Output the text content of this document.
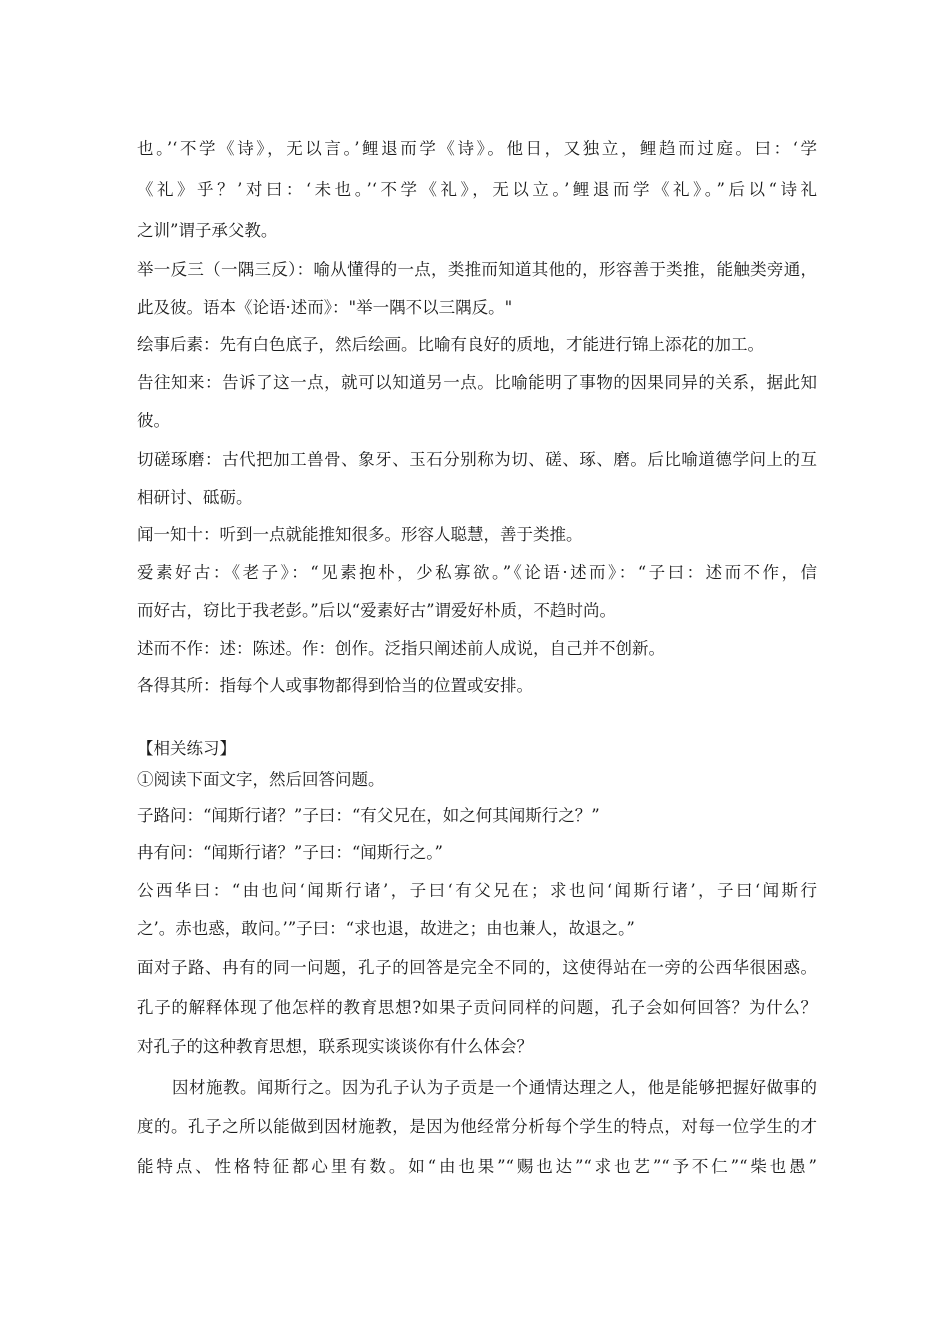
也。’‘不学《诗》，无以言。’鲤退而学《诗》。他日，又独立，鲤趋而过庭。曰：‘学
《礼》乎？’对曰：‘未也。’‘不学《礼》，无以立。’鲤退而学《礼》。”后以“诗礼
之训”谓子承父教。
举一反三（一隅三反）：喻从懂得的一点，类推而知道其他的，形容善于类推，能触类旁通，
此及彼。语本《论语·述而》："举一隅不以三隅反。"
绘事后素：先有白色底子，然后绘画。比喻有良好的质地，才能进行锦上添花的加工。
告往知来：告诉了这一点，就可以知道另一点。比喻能明了事物的因果同异的关系，据此知
彼。
切磋琢磨：古代把加工兽骨、象牙、玉石分别称为切、磋、琢、磨。后比喻道德学问上的互
相研讨、砥砺。
闻一知十：听到一点就能推知很多。形容人聪慧，善于类推。
爱素好古：《老子》：“见素抱朴，少私寡欲。”《论语·述而》：“子曰：述而不作，信
而好古，窃比于我老彭。”后以“爱素好古”谓爱好朴质，不趋时尚。
述而不作：述：陈述。作：创作。泛指只阐述前人成说，自己并不创新。
各得其所：指每个人或事物都得到恰当的位置或安排。
【相关练习】
①阅读下面文字，然后回答问题。
子路问：“闻斯行诸？”子曰：“有父兄在，如之何其闻斯行之？”
冉有问：“闻斯行诸？”子曰：“闻斯行之。”
公西华曰：“由也问‘闻斯行诸’，子曰‘有父兄在；求也问‘闻斯行诸’，子曰‘闻斯行
之’。赤也惑，敢问。’”子曰：“求也退，故进之；由也兼人，故退之。”
面对子路、冉有的同一问题，孔子的回答是完全不同的，这使得站在一旁的公西华很困惑。
孔子的解释体现了他怎样的教育思想?如果子贡问同样的问题，孔子会如何回答？为什么？
对孔子的这种教育思想，联系现实谈谈你有什么体会？
因材施教。闻斯行之。因为孔子认为子贡是一个通情达理之人，他是能够把握好做事的
度的。孔子之所以能做到因材施教，是因为他经常分析每个学生的特点，对每一位学生的才
能特点、性格特征都心里有数。如“由也果”“赐也达”“求也艺”“予不仁”“柴也愚”
